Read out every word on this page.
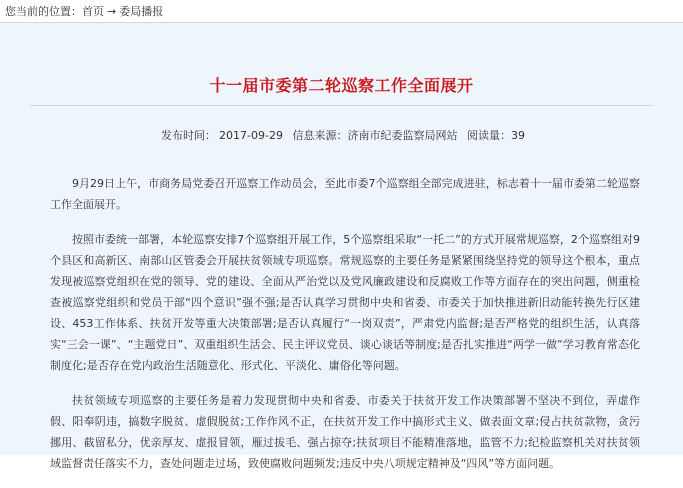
您当前的位置 ： 首页 → 委局播报
十一届市委第二轮巡察工作全面展开
发布时间： 2017-09-29 信息来源：济南市纪委监察局网站 阅读量：39

9月29日上午，市商务局党委召开巡察工作动员会，至此市委7个巡察组全部完成进驻，标志着十一届市委第二轮巡察工作全面展开。

按照市委统一部署，本轮巡察安排7个巡察组开展工作，5个巡察组采取“一托二”的方式开展常规巡察，2个巡察组对9个县区和高新区、南部山区管委会开展扶贫领域专项巡察。常规巡察的主要任务是紧紧围绕坚持党的领导这个根本，重点发现被巡察党组织在党的领导、党的建设、全面从严治党以及党风廉政建设和反腐败工作等方面存在的突出问题，侧重检查被巡察党组织和党员干部“四个意识”强不强;是否认真学习贯彻中央和省委、市委关于加快推进新旧动能转换先行区建设、453工作体系、扶贫开发等重大决策部署;是否认真履行“一岗双责”，严肃党内监督;是否严格党的组织生活，认真落实“三会一课”、“主题党日”、双重组织生活会、民主评议党员、谈心谈话等制度;是否扎实推进“两学一做”学习教育常态化制度化;是否存在党内政治生活随意化、形式化、平淡化、庸俗化等问题。

扶贫领域专项巡察的主要任务是着力发现贯彻中央和省委、市委关于扶贫开发工作决策部署不坚决不到位，弄虚作假、阳奉阴违，搞数字脱贫、虚假脱贫;工作作风不正，在扶贫开发工作中搞形式主义、做表面文章;侵占扶贫款物，贪污挪用、截留私分，优亲厚友、虚报冒领，雁过拔毛、强占掠夺;扶贫项目不能精准落地，监管不力;纪检监察机关对扶贫领域监督责任落实不力，查处问题走过场，致使腐败问题频发;违反中央八项规定精神及“四风”等方面问题。
